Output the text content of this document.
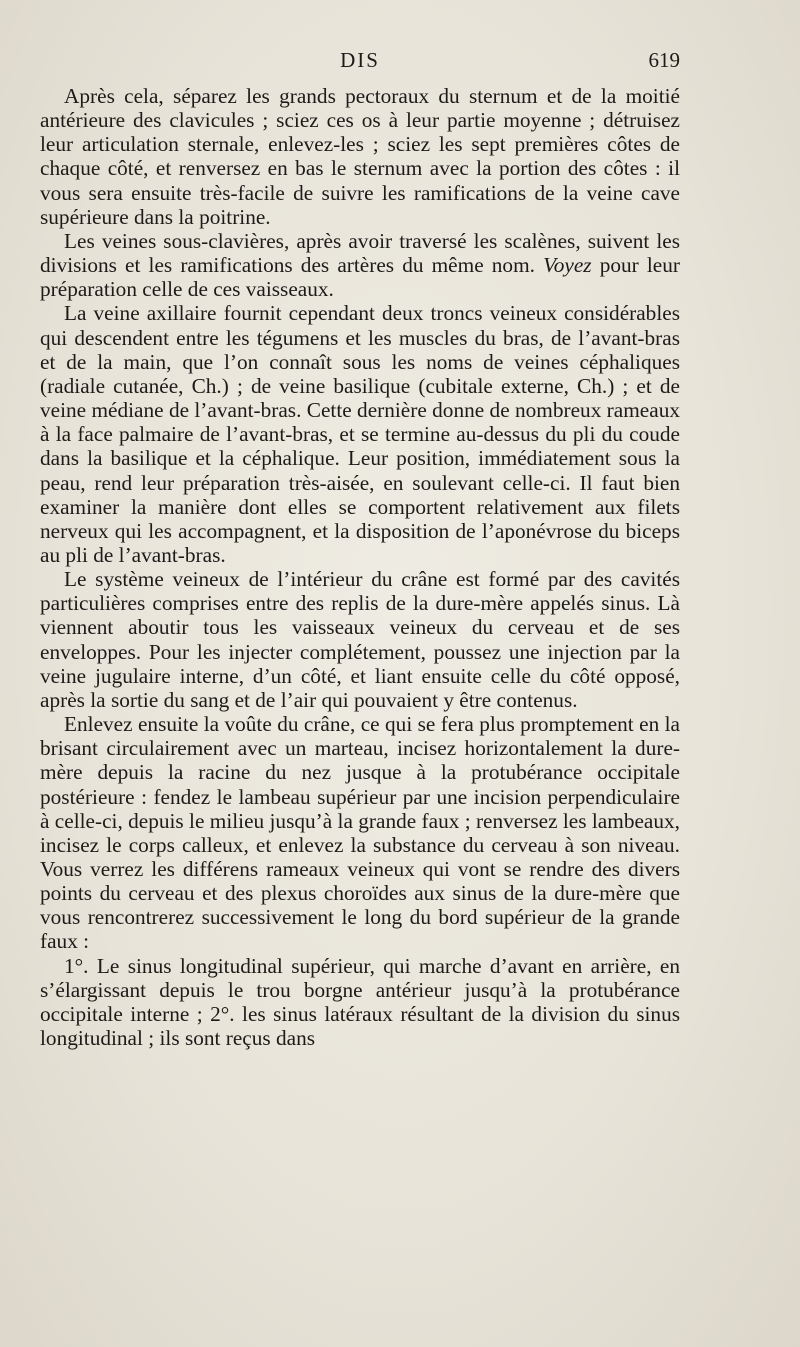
DIS	619

Après cela, séparez les grands pectoraux du sternum et de la moitié antérieure des clavicules ; sciez ces os à leur partie moyenne ; détruisez leur articulation sternale, enlevez-les ; sciez les sept premières côtes de chaque côté, et renversez en bas le sternum avec la portion des côtes : il vous sera ensuite très-facile de suivre les ramifications de la veine cave supérieure dans la poitrine.

Les veines sous-clavières, après avoir traversé les scalènes, suivent les divisions et les ramifications des artères du même nom. Voyez pour leur préparation celle de ces vaisseaux.

La veine axillaire fournit cependant deux troncs veineux considérables qui descendent entre les tégumens et les muscles du bras, de l’avant-bras et de la main, que l’on connaît sous les noms de veines céphaliques (radiale cutanée, Ch.) ; de veine basilique (cubitale externe, Ch.) ; et de veine médiane de l’avant-bras. Cette dernière donne de nombreux rameaux à la face palmaire de l’avant-bras, et se termine au-dessus du pli du coude dans la basilique et la céphalique. Leur position, immédiatement sous la peau, rend leur préparation très-aisée, en soulevant celle-ci. Il faut bien examiner la manière dont elles se comportent relativement aux filets nerveux qui les accompagnent, et la disposition de l’aponévrose du biceps au pli de l’avant-bras.

Le système veineux de l’intérieur du crâne est formé par des cavités particulières comprises entre des replis de la dure-mère appelés sinus. Là viennent aboutir tous les vaisseaux veineux du cerveau et de ses enveloppes. Pour les injecter complétement, poussez une injection par la veine jugulaire interne, d’un côté, et liant ensuite celle du côté opposé, après la sortie du sang et de l’air qui pouvaient y être contenus.

Enlevez ensuite la voûte du crâne, ce qui se fera plus promptement en la brisant circulairement avec un marteau, incisez horizontalement la dure-mère depuis la racine du nez jusque à la protubérance occipitale postérieure : fendez le lambeau supérieur par une incision perpendiculaire à celle-ci, depuis le milieu jusqu’à la grande faux ; renversez les lambeaux, incisez le corps calleux, et enlevez la substance du cerveau à son niveau. Vous verrez les différens rameaux veineux qui vont se rendre des divers points du cerveau et des plexus choroïdes aux sinus de la dure-mère que vous rencontrerez successivement le long du bord supérieur de la grande faux :

1°. Le sinus longitudinal supérieur, qui marche d’avant en arrière, en s’élargissant depuis le trou borgne antérieur jusqu’à la protubérance occipitale interne ; 2°. les sinus latéraux résultant de la division du sinus longitudinal ; ils sont reçus dans
